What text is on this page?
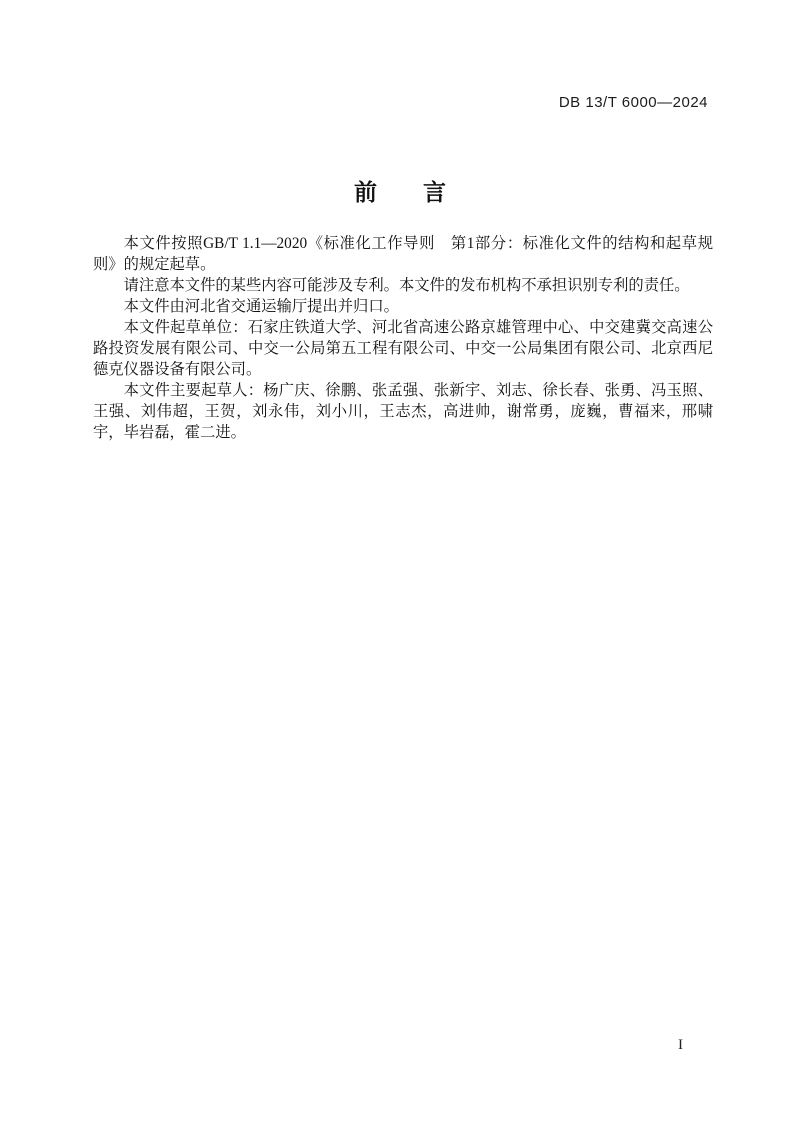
DB 13/T 6000—2024
前　　言

本文件按照GB/T 1.1—2020《标准化工作导则　第1部分：标准化文件的结构和起草规则》的规定起草。

请注意本文件的某些内容可能涉及专利。本文件的发布机构不承担识别专利的责任。

本文件由河北省交通运输厅提出并归口。

本文件起草单位：石家庄铁道大学、河北省高速公路京雄管理中心、中交建冀交高速公路投资发展有限公司、中交一公局第五工程有限公司、中交一公局集团有限公司、北京西尼德克仪器设备有限公司。

本文件主要起草人：杨广庆、徐鹏、张孟强、张新宇、刘志、徐长春、张勇、冯玉照、王强、刘伟超，王贺，刘永伟，刘小川，王志杰，高进帅，谢常勇，庞巍，曹福来，邢啸宇，毕岩磊，霍二进。

I
